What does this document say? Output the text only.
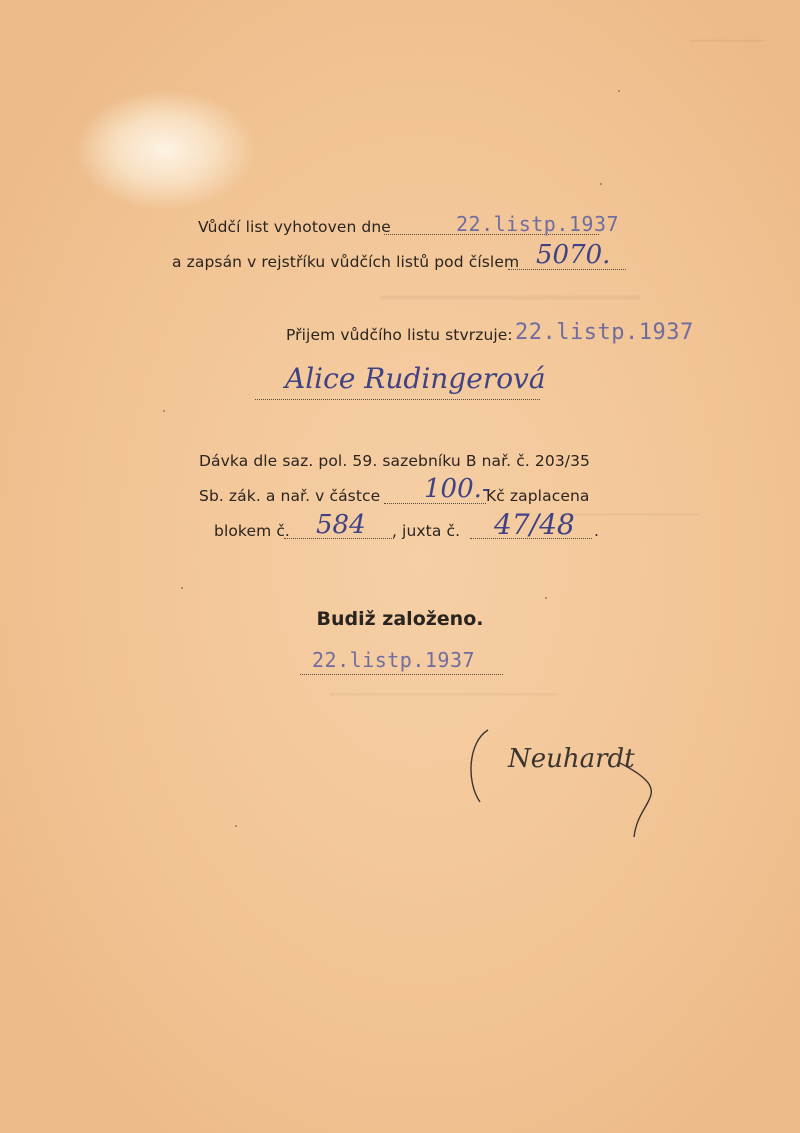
▔▔▔▔▔▔▔▔
▁▁▁▁▁▁▁▁▁▁▁▁▁
▁▁▁▁▁▁▁▁▁▁▁▁▁▁▁▁▁▁▁▁▁
▁▁▁▁▁▁▁▁▁▁▁▁▁
Vůdčí list vyhotoven dne	22.listp.1937
a zapsán v rejstříku vůdčích listů pod číslem 5070.
Přijem vůdčího listu stvrzuje: 22.listp.1937
Alice Rudingerová
Dávka dle saz. pol. 59. sazebníku B nař. č. 203/35
Sb. zák. a nař. v částce 100.-
Kč zaplacena
blokem č. 584 , juxta č. 47/48 .
Budiž založeno.
22.listp.1937
Neuhardt
